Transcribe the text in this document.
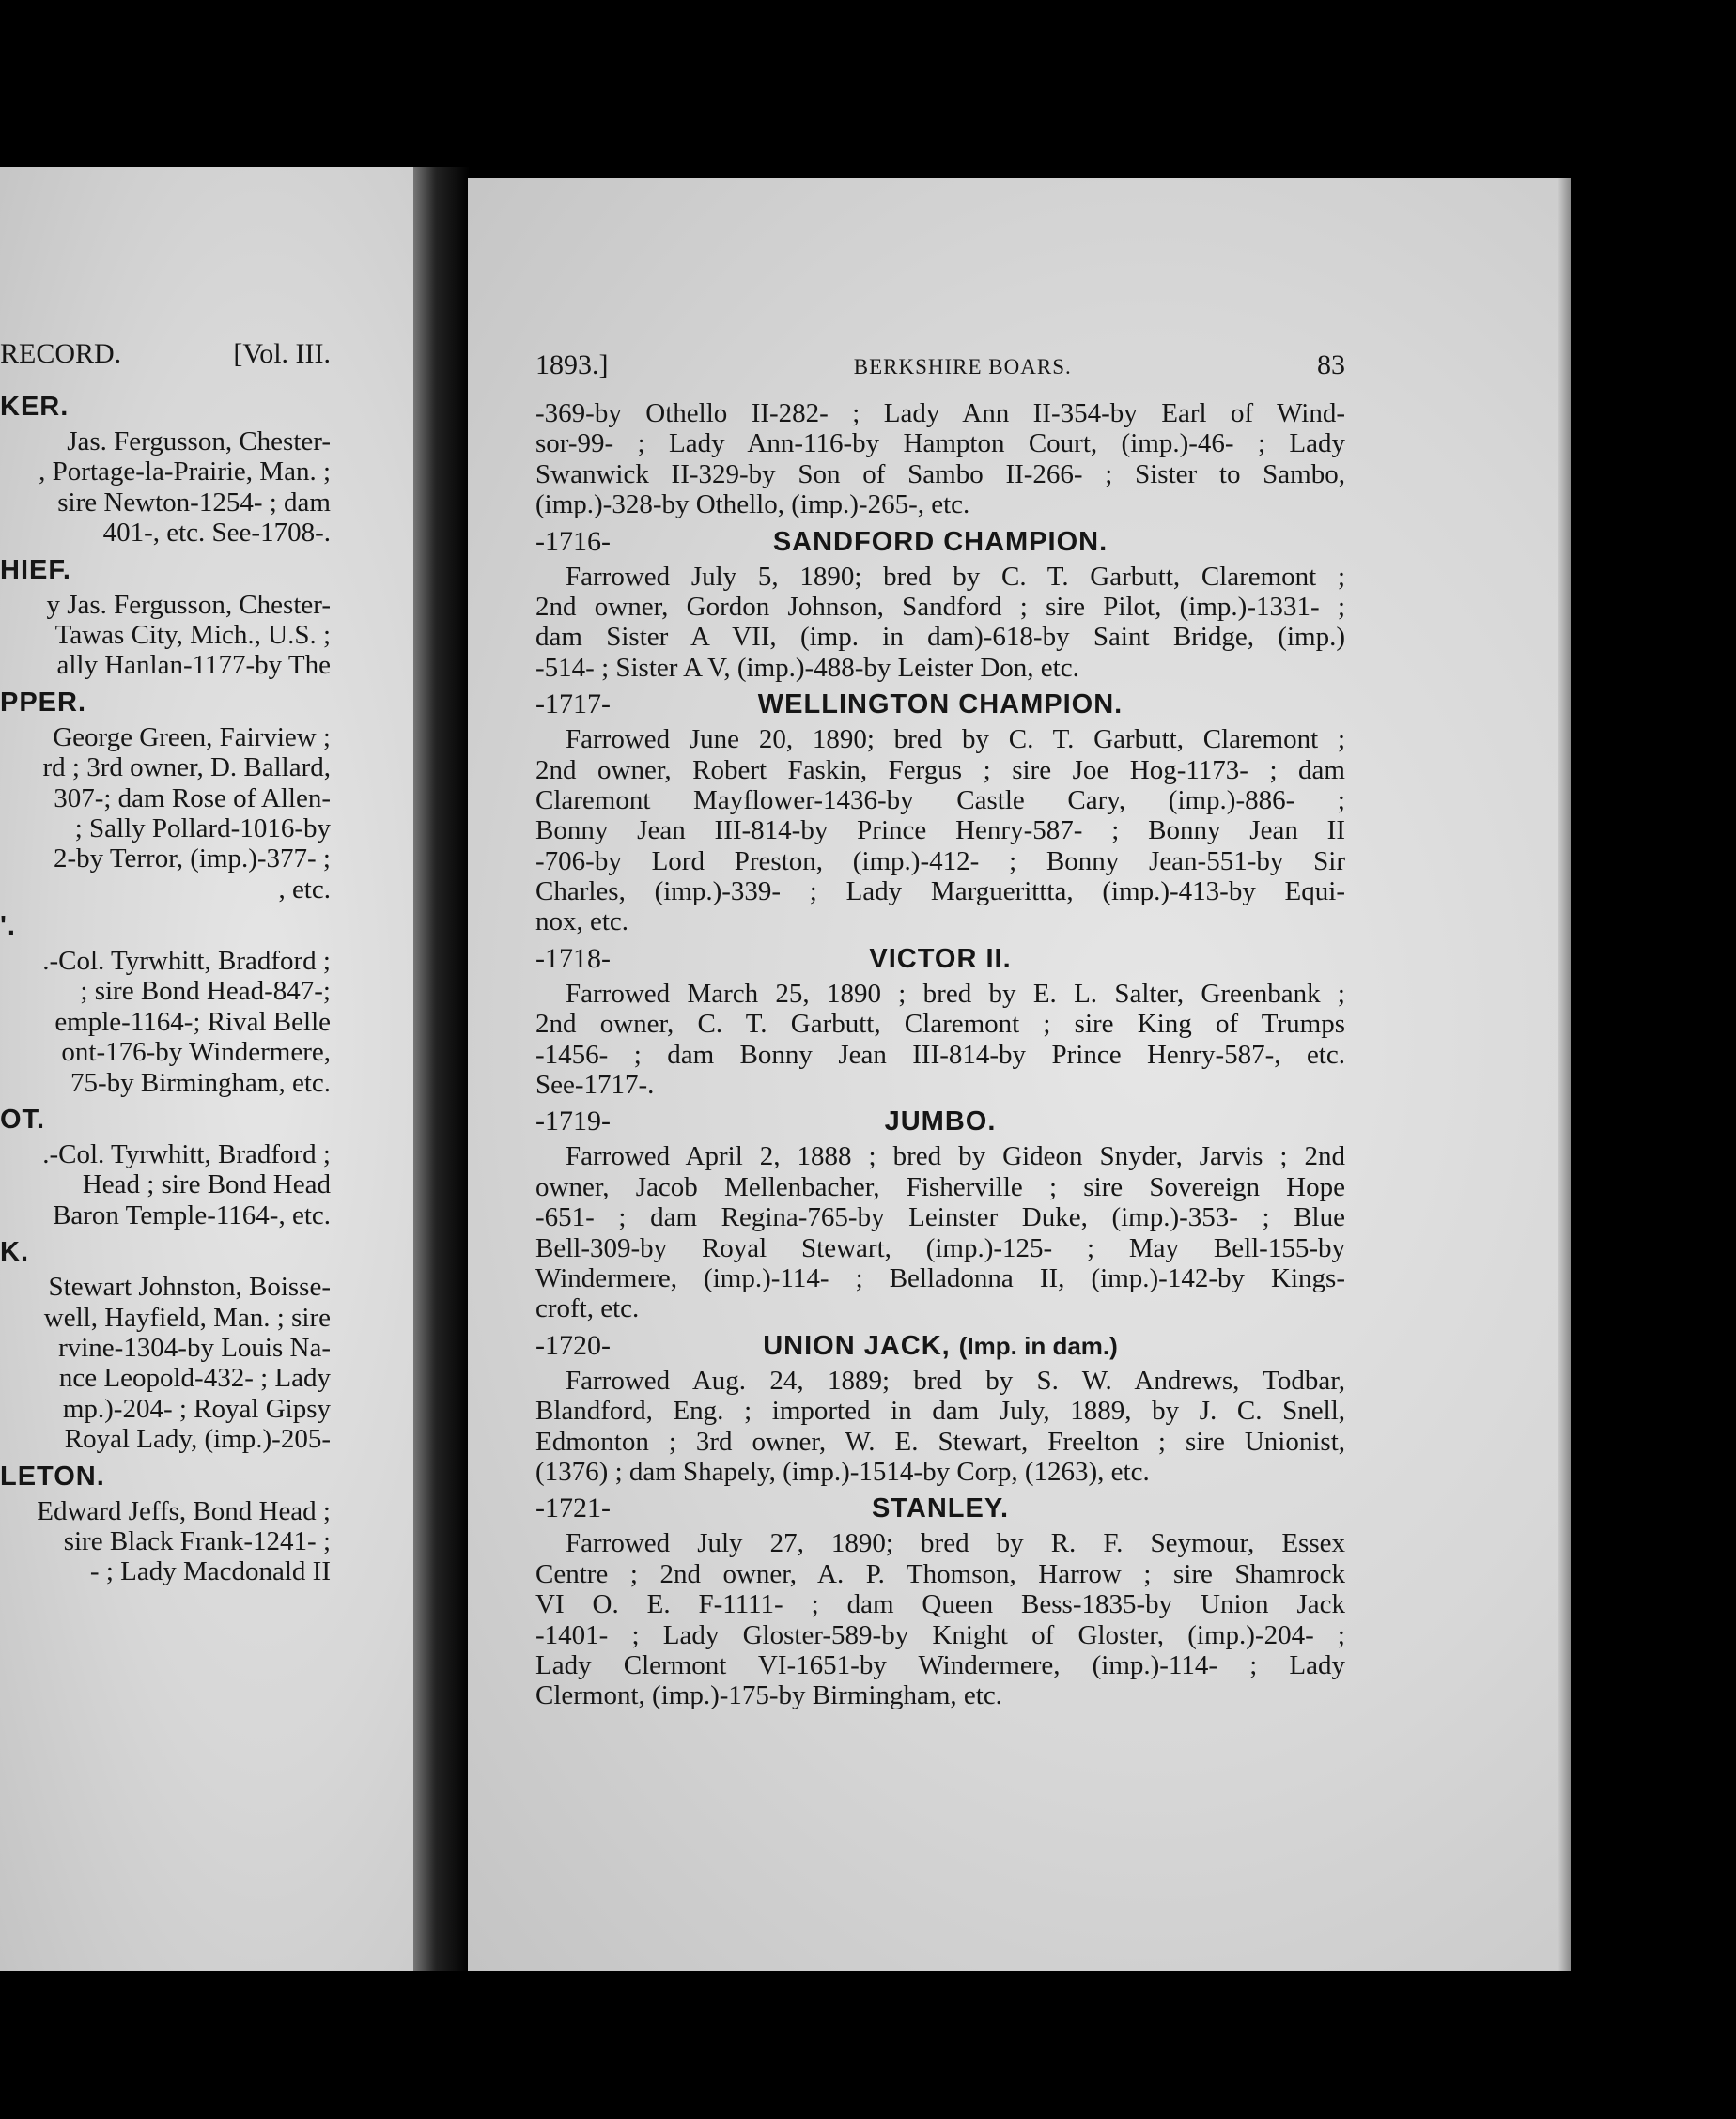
RECORD.	[Vol. III.
KER.
Jas. Fergusson, Chester-
, Portage-la-Prairie, Man. ;
sire Newton-1254- ; dam
401-, etc. See-1708-.
HIEF.
y Jas. Fergusson, Chester-
Tawas City, Mich., U.S. ;
ally Hanlan-1177-by The
PPER.
George Green, Fairview ;
rd ; 3rd owner, D. Ballard,
307-; dam Rose of Allen-
; Sally Pollard-1016-by
2-by Terror, (imp.)-377- ;
, etc.
'.
.-Col. Tyrwhitt, Bradford ;
; sire Bond Head-847-;
emple-1164-; Rival Belle
ont-176-by Windermere,
75-by Birmingham, etc.
OT.
.-Col. Tyrwhitt, Bradford ;
Head ; sire Bond Head
Baron Temple-1164-, etc.
K.
Stewart Johnston, Boisse-
well, Hayfield, Man. ; sire
rvine-1304-by Louis Na-
nce Leopold-432- ; Lady
mp.)-204- ; Royal Gipsy
Royal Lady, (imp.)-205-
LETON.
Edward Jeffs, Bond Head ;
sire Black Frank-1241- ;
- ; Lady Macdonald II
1893.]	BERKSHIRE BOARS.	83
-369-by Othello II-282- ; Lady Ann II-354-by Earl of Wind-
sor-99- ; Lady Ann-116-by Hampton Court, (imp.)-46- ; Lady
Swanwick II-329-by Son of Sambo II-266- ; Sister to Sambo,
(imp.)-328-by Othello, (imp.)-265-, etc.
-1716-	SANDFORD CHAMPION.
Farrowed July 5, 1890; bred by C. T. Garbutt, Claremont ;
2nd owner, Gordon Johnson, Sandford ; sire Pilot, (imp.)-1331- ;
dam Sister A VII, (imp. in dam)-618-by Saint Bridge, (imp.)
-514- ; Sister A V, (imp.)-488-by Leister Don, etc.
-1717-	WELLINGTON CHAMPION.
Farrowed June 20, 1890; bred by C. T. Garbutt, Claremont ;
2nd owner, Robert Faskin, Fergus ; sire Joe Hog-1173- ; dam
Claremont Mayflower-1436-by Castle Cary, (imp.)-886- ;
Bonny Jean III-814-by Prince Henry-587- ; Bonny Jean II
-706-by Lord Preston, (imp.)-412- ; Bonny Jean-551-by Sir
Charles, (imp.)-339- ; Lady Marguerittta, (imp.)-413-by Equi-
nox, etc.
-1718-	VICTOR II.
Farrowed March 25, 1890 ; bred by E. L. Salter, Greenbank ;
2nd owner, C. T. Garbutt, Claremont ; sire King of Trumps
-1456- ; dam Bonny Jean III-814-by Prince Henry-587-, etc.
See-1717-.
-1719-	JUMBO.
Farrowed April 2, 1888 ; bred by Gideon Snyder, Jarvis ; 2nd
owner, Jacob Mellenbacher, Fisherville ; sire Sovereign Hope
-651- ; dam Regina-765-by Leinster Duke, (imp.)-353- ; Blue
Bell-309-by Royal Stewart, (imp.)-125- ; May Bell-155-by
Windermere, (imp.)-114- ; Belladonna II, (imp.)-142-by Kings-
croft, etc.
-1720-	UNION JACK, (Imp. in dam.)
Farrowed Aug. 24, 1889; bred by S. W. Andrews, Todbar,
Blandford, Eng. ; imported in dam July, 1889, by J. C. Snell,
Edmonton ; 3rd owner, W. E. Stewart, Freelton ; sire Unionist,
(1376) ; dam Shapely, (imp.)-1514-by Corp, (1263), etc.
-1721-	STANLEY.
Farrowed July 27, 1890; bred by R. F. Seymour, Essex
Centre ; 2nd owner, A. P. Thomson, Harrow ; sire Shamrock
VI O. E. F-1111- ; dam Queen Bess-1835-by Union Jack
-1401- ; Lady Gloster-589-by Knight of Gloster, (imp.)-204- ;
Lady Clermont VI-1651-by Windermere, (imp.)-114- ; Lady
Clermont, (imp.)-175-by Birmingham, etc.
